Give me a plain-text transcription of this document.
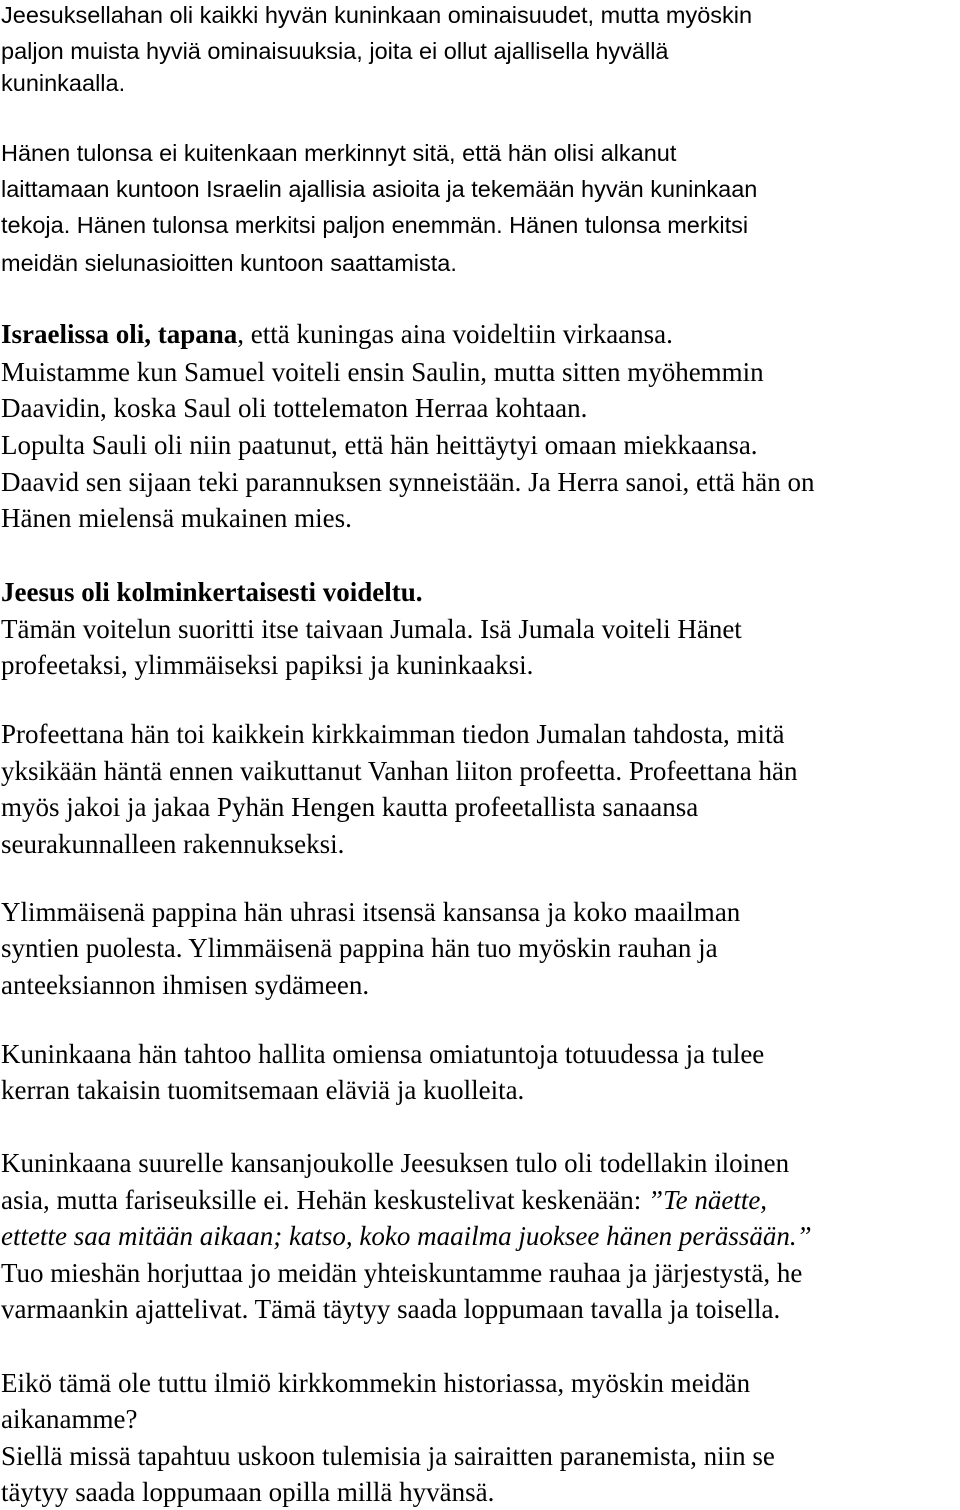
Jeesuksellahan oli kaikki hyvän kuninkaan ominaisuudet, mutta myöskin
paljon muista hyviä ominaisuuksia, joita ei ollut ajallisella hyvällä
kuninkaalla.
Hänen tulonsa ei kuitenkaan merkinnyt sitä, että hän olisi alkanut
laittamaan kuntoon Israelin ajallisia asioita ja tekemään hyvän kuninkaan
tekoja. Hänen tulonsa merkitsi paljon enemmän. Hänen tulonsa merkitsi
meidän sielunasioitten kuntoon saattamista.
Israelissa oli, tapana, että kuningas aina voideltiin virkaansa.
Muistamme kun Samuel voiteli ensin Saulin, mutta sitten myöhemmin
Daavidin, koska Saul oli tottelematon Herraa kohtaan.
Lopulta Sauli oli niin paatunut, että hän heittäytyi omaan miekkaansa.
Daavid sen sijaan teki parannuksen synneistään. Ja Herra sanoi, että hän on
Hänen mielensä mukainen mies.
Jeesus oli kolminkertaisesti voideltu.
Tämän voitelun suoritti itse taivaan Jumala. Isä Jumala voiteli Hänet
profeetaksi, ylimmäiseksi papiksi ja kuninkaaksi.
Profeettana hän toi kaikkein kirkkaimman tiedon Jumalan tahdosta, mitä
yksikään häntä ennen vaikuttanut Vanhan liiton profeetta. Profeettana hän
myös jakoi ja jakaa Pyhän Hengen kautta profeetallista sanaansa
seurakunnalleen rakennukseksi.
Ylimmäisenä pappina hän uhrasi itsensä kansansa ja koko maailman
syntien puolesta. Ylimmäisenä pappina hän tuo myöskin rauhan ja
anteeksiannon ihmisen sydämeen.
Kuninkaana hän tahtoo hallita omiensa omiatuntoja totuudessa ja tulee
kerran takaisin tuomitsemaan eläviä ja kuolleita.
Kuninkaana suurelle kansanjoukolle Jeesuksen tulo oli todellakin iloinen
asia, mutta fariseuksille ei. Hehän keskustelivat keskenään: ”Te näette,
ettette saa mitään aikaan; katso, koko maailma juoksee hänen perässään.”
Tuo mieshän horjuttaa jo meidän yhteiskuntamme rauhaa ja järjestystä, he
varmaankin ajattelivat. Tämä täytyy saada loppumaan tavalla ja toisella.
Eikö tämä ole tuttu ilmiö kirkkommekin historiassa, myöskin meidän
aikanamme?
Siellä missä tapahtuu uskoon tulemisia ja sairaitten paranemista, niin se
täytyy saada loppumaan opilla millä hyvänsä.
